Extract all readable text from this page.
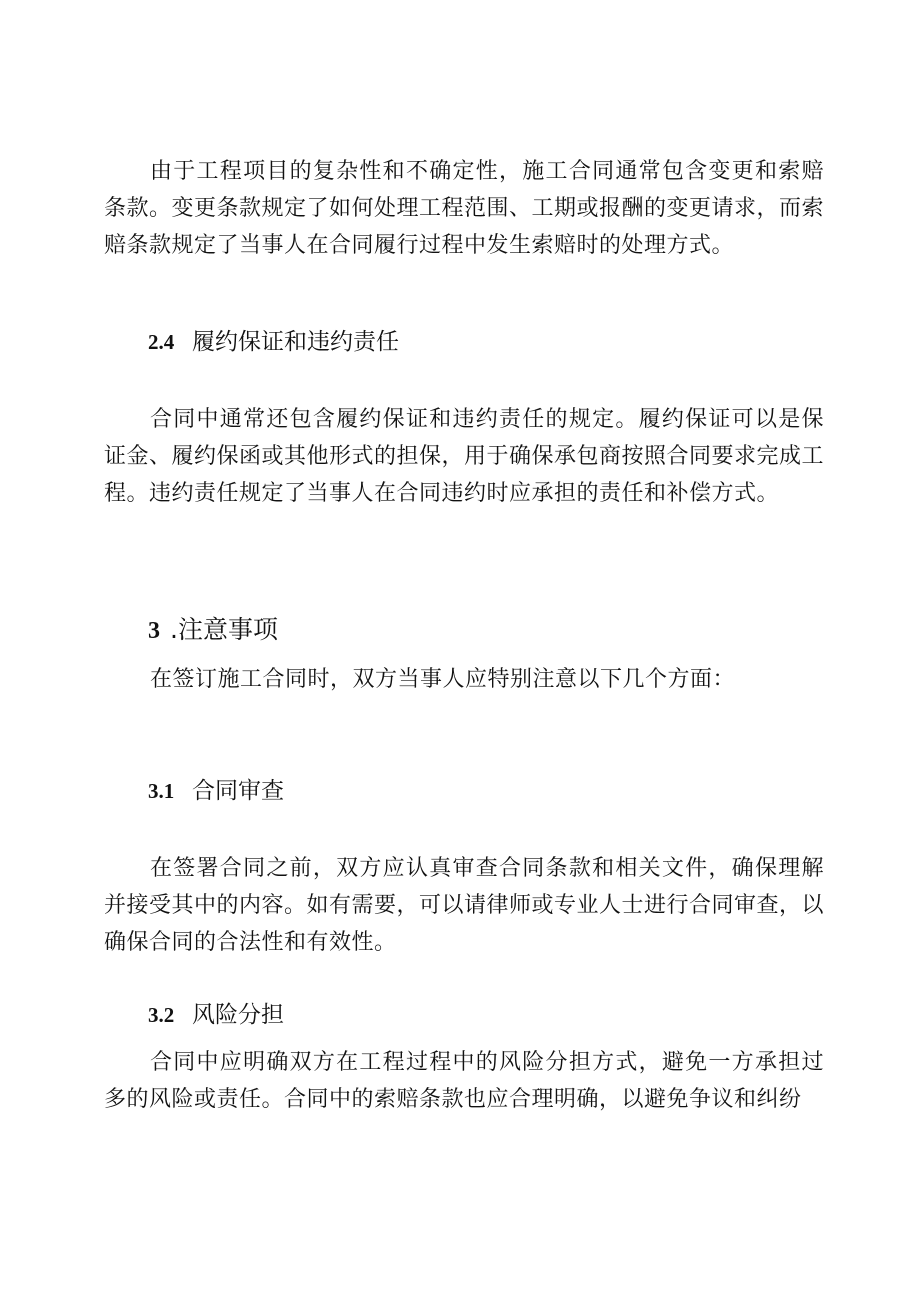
由于工程项目的复杂性和不确定性，施工合同通常包含变更和索赔条款。变更条款规定了如何处理工程范围、工期或报酬的变更请求，而索赔条款规定了当事人在合同履行过程中发生索赔时的处理方式。

2.4 履约保证和违约责任

合同中通常还包含履约保证和违约责任的规定。履约保证可以是保证金、履约保函或其他形式的担保，用于确保承包商按照合同要求完成工程。违约责任规定了当事人在合同违约时应承担的责任和补偿方式。

3 .注意事项

在签订施工合同时，双方当事人应特别注意以下几个方面：

3.1 合同审查

在签署合同之前，双方应认真审查合同条款和相关文件，确保理解并接受其中的内容。如有需要，可以请律师或专业人士进行合同审查，以确保合同的合法性和有效性。

3.2 风险分担

合同中应明确双方在工程过程中的风险分担方式，避免一方承担过多的风险或责任。合同中的索赔条款也应合理明确，以避免争议和纠纷
